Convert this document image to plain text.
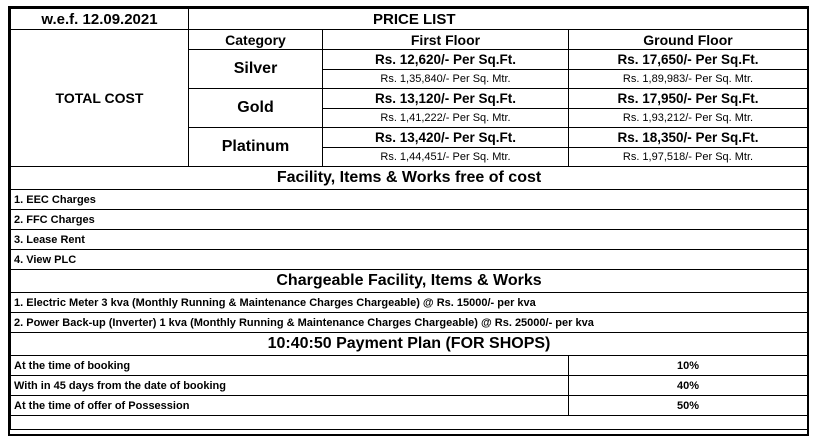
w.e.f. 12.09.2021	PRICE LIST		
TOTAL COST	Category	First Floor	Ground Floor
	Silver	Rs. 12,620/- Per Sq.Ft.	Rs. 17,650/- Per Sq.Ft.
		Rs. 1,35,840/- Per Sq. Mtr.	Rs. 1,89,983/- Per Sq. Mtr.
	Gold	Rs. 13,120/- Per Sq.Ft.	Rs. 17,950/- Per Sq.Ft.
		Rs. 1,41,222/- Per Sq. Mtr.	Rs. 1,93,212/- Per Sq. Mtr.
	Platinum	Rs. 13,420/- Per Sq.Ft.	Rs. 18,350/- Per Sq.Ft.
		Rs. 1,44,451/- Per Sq. Mtr.	Rs. 1,97,518/- Per Sq. Mtr.
Facility, Items & Works free of cost			
1. EEC Charges			
2. FFC Charges			
3. Lease Rent			
4. View PLC			
Chargeable Facility, Items & Works			
1. Electric Meter 3 kva (Monthly Running & Maintenance Charges Chargeable) @ Rs. 15000/- per kva			
2. Power Back-up (Inverter) 1 kva (Monthly Running & Maintenance Charges Chargeable) @ Rs. 25000/- per kva			
10:40:50 Payment Plan (FOR SHOPS)			
At the time of booking			10%
With in 45 days from the date of booking			40%
At the time of offer of Possession			50%
